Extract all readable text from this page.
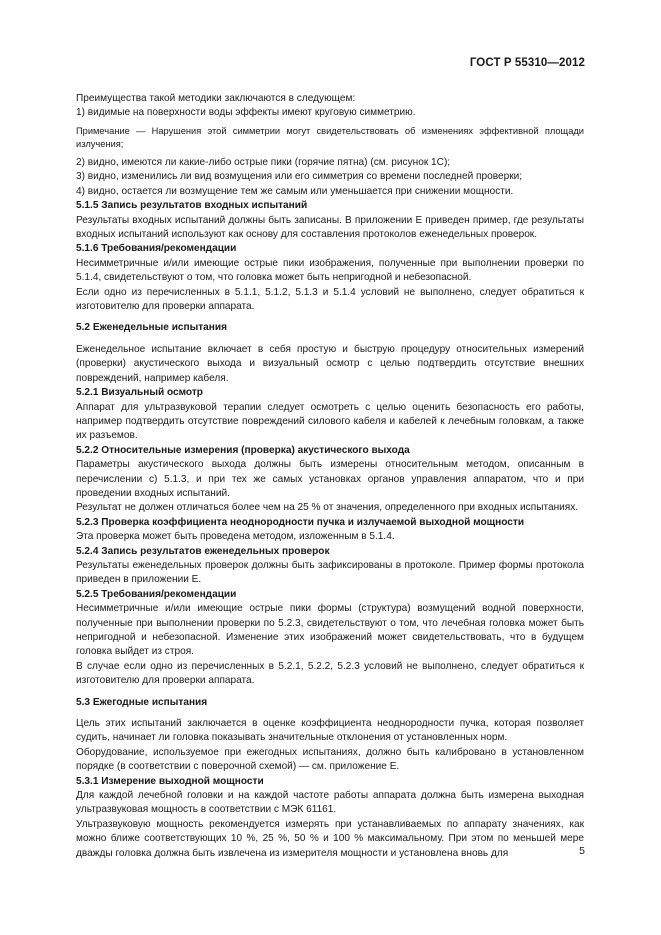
ГОСТ Р 55310—2012

Преимущества такой методики заключаются в следующем:

1) видимые на поверхности воды эффекты имеют круговую симметрию.

Примечание — Нарушения этой симметрии могут свидетельствовать об изменениях эффективной площади излучения;

2) видно, имеются ли какие-либо острые пики (горячие пятна) (см. рисунок 1С);

3) видно, изменились ли вид возмущения или его симметрия со времени последней проверки;

4) видно, остается ли возмущение тем же самым или уменьшается при снижении мощности.

5.1.5 Запись результатов входных испытаний

Результаты входных испытаний должны быть записаны. В приложении Е приведен пример, где результаты входных испытаний используют как основу для составления протоколов еженедельных проверок.

5.1.6 Требования/рекомендации

Несимметричные и/или имеющие острые пики изображения, полученные при выполнении проверки по 5.1.4, свидетельствуют о том, что головка может быть непригодной и небезопасной.

Если одно из перечисленных в 5.1.1, 5.1.2, 5.1.3 и 5.1.4 условий не выполнено, следует обратиться к изготовителю для проверки аппарата.

5.2 Еженедельные испытания

Еженедельное испытание включает в себя простую и быструю процедуру относительных измерений (проверки) акустического выхода и визуальный осмотр с целью подтвердить отсутствие внешних повреждений, например кабеля.

5.2.1 Визуальный осмотр

Аппарат для ультразвуковой терапии следует осмотреть с целью оценить безопасность его работы, например подтвердить отсутствие повреждений силового кабеля и кабелей к лечебным головкам, а также их разъемов.

5.2.2 Относительные измерения (проверка) акустического выхода

Параметры акустического выхода должны быть измерены относительным методом, описанным в перечислении с) 5.1.3, и при тех же самых установках органов управления аппаратом, что и при проведении входных испытаний.

Результат не должен отличаться более чем на 25 % от значения, определенного при входных испытаниях.

5.2.3 Проверка коэффициента неоднородности пучка и излучаемой выходной мощности

Эта проверка может быть проведена методом, изложенным в 5.1.4.

5.2.4 Запись результатов еженедельных проверок

Результаты еженедельных проверок должны быть зафиксированы в протоколе. Пример формы протокола приведен в приложении Е.

5.2.5 Требования/рекомендации

Несимметричные и/или имеющие острые пики формы (структура) возмущений водной поверхности, полученные при выполнении проверки по 5.2.3, свидетельствуют о том, что лечебная головка может быть непригодной и небезопасной. Изменение этих изображений может свидетельствовать, что в будущем головка выйдет из строя.

В случае если одно из перечисленных в 5.2.1, 5.2.2, 5.2.3 условий не выполнено, следует обратиться к изготовителю для проверки аппарата.

5.3 Ежегодные испытания

Цель этих испытаний заключается в оценке коэффициента неоднородности пучка, которая позволяет судить, начинает ли головка показывать значительные отклонения от установленных норм.

Оборудование, используемое при ежегодных испытаниях, должно быть калибровано в установленном порядке (в соответствии с поверочной схемой) — см. приложение Е.

5.3.1 Измерение выходной мощности

Для каждой лечебной головки и на каждой частоте работы аппарата должна быть измерена выходная ультразвуковая мощность в соответствии с МЭК 61161.

Ультразвуковую мощность рекомендуется измерять при устанавливаемых по аппарату значениях, как можно ближе соответствующих 10 %, 25 %, 50 % и 100 % максимальному. При этом по меньшей мере дважды головка должна быть извлечена из измерителя мощности и установлена вновь для	5
